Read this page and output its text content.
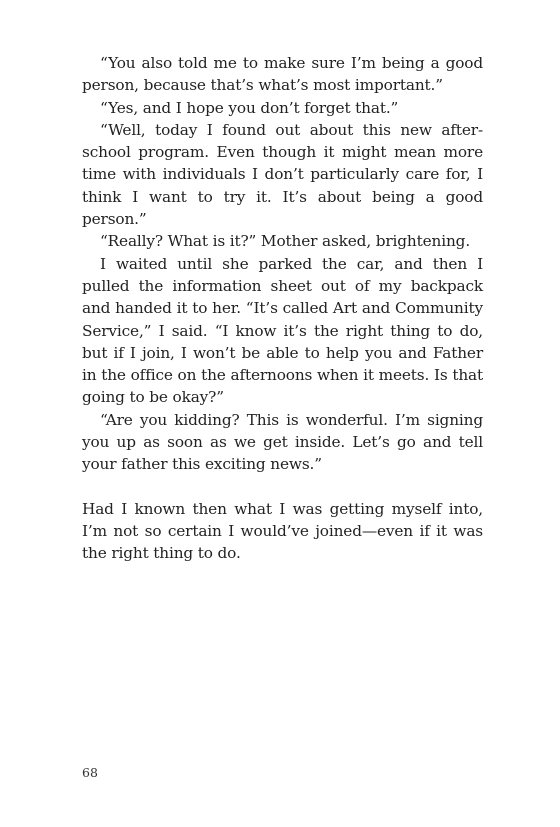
“You also told me to make sure I’m being a good person, because that’s what’s most important.”

“Yes, and I hope you don’t forget that.”

“Well, today I found out about this new after-school program. Even though it might mean more time with individuals I don’t particularly care for, I think I want to try it. It’s about being a good person.”

“Really? What is it?” Mother asked, brightening.

I waited until she parked the car, and then I pulled the information sheet out of my backpack and handed it to her. “It’s called Art and Community Service,” I said. “I know it’s the right thing to do, but if I join, I won’t be able to help you and Father in the office on the afternoons when it meets. Is that going to be okay?”

“Are you kidding? This is wonderful. I’m signing you up as soon as we get inside. Let’s go and tell your father this exciting news.”

Had I known then what I was getting myself into, I’m not so certain I would’ve joined—even if it was the right thing to do.

68
